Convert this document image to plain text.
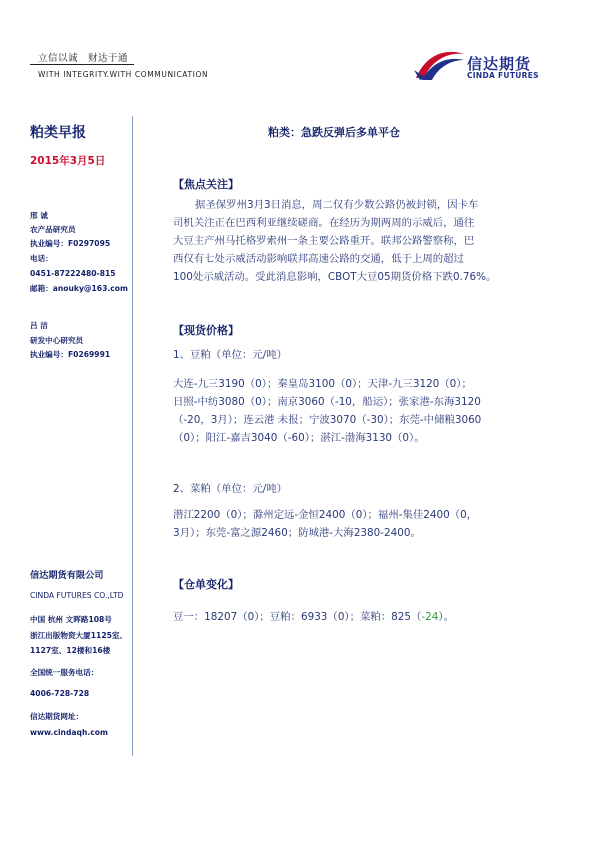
立信以诚　财达于通
WITH INTEGRITY.WITH COMMUNICATION
信达期货
CINDA FUTURES
粕类早报
2015年3月5日
邢 诚
农产品研究员
执业编号：F0297095
电话：
0451-87222480-815
邮箱：anouky@163.com
吕 洁
研发中心研究员
执业编号：F0269991
信达期货有限公司
CINDA FUTURES CO.,LTD
中国 杭州 文晖路108号
浙江出版物资大厦1125室、
1127室、12楼和16楼
全国统一服务电话：
4006-728-728
信达期货网址：
www.cindaqh.com
粕类：急跌反弹后多单平仓
【焦点关注】
据圣保罗州3月3日消息，周二仅有少数公路仍被封锁，因卡车
司机关注正在巴西利亚继续磋商。在经历为期两周的示威后，通往
大豆主产州马托格罗索州一条主要公路重开。联邦公路警察称，巴
西仅有七处示威活动影响联邦高速公路的交通，低于上周的超过
100处示威活动。受此消息影响，CBOT大豆05期货价格下跌0.76%。
【现货价格】
1、豆粕（单位：元/吨）
大连-九三3190（0）；秦皇岛3100（0）；天津-九三3120（0）；
日照-中纺3080（0）；南京3060（-10，船运）；张家港-东海3120
（-20，3月）；连云港 未报；宁波3070（-30）；东莞-中储粮3060
（0）；阳江-嘉吉3040（-60）；湛江-渤海3130（0）。
2、菜粕（单位：元/吨）
潜江2200（0）；滁州定远-金恒2400（0）；福州-集佳2400（0，
3月）；东莞-富之源2460；防城港-大海2380-2400。
【仓单变化】
豆一：18207（0）；豆粕：6933（0）；菜粕：825（-24）。
